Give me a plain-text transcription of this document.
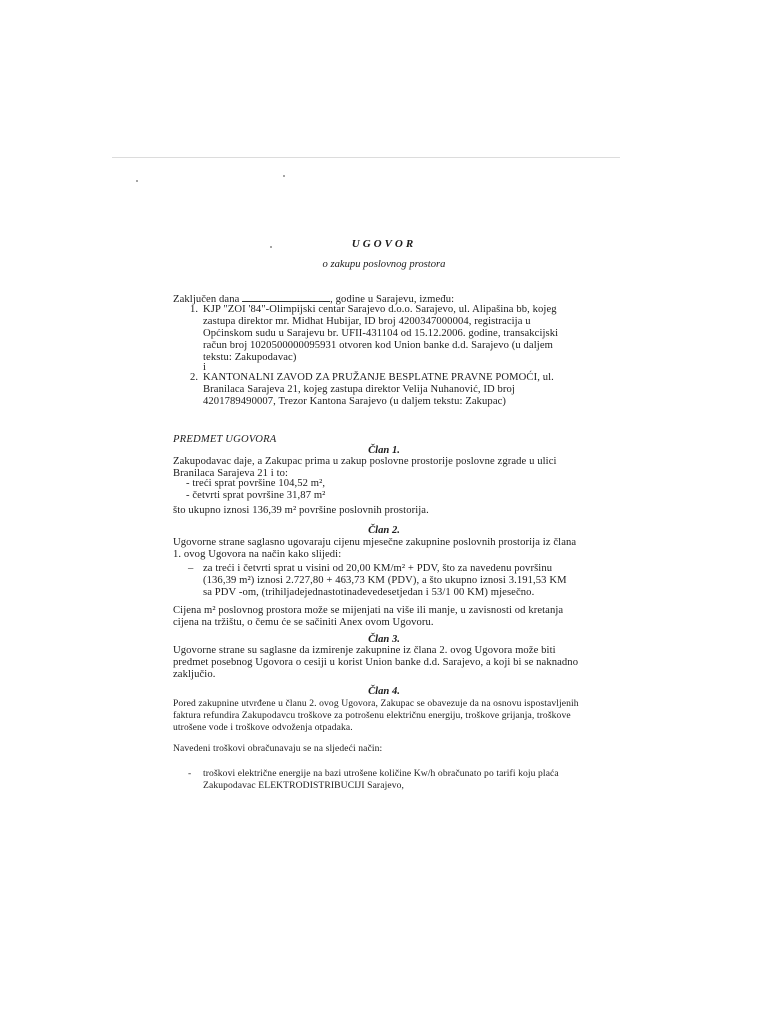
UGOVOR
o zakupu poslovnog prostora
Zaključen dana	, godine u Sarajevu, između:
1. KJP "ZOI '84"-Olimpijski centar Sarajevo d.o.o. Sarajevo, ul. Alipašina bb, kojeg
zastupa direktor mr. Midhat Hubijar, ID broj 4200347000004, registracija u
Općinskom sudu u Sarajevu br. UFII-431104 od 15.12.2006. godine, transakcijski
račun broj 1020500000095931 otvoren kod Union banke d.d. Sarajevo (u daljem
tekstu: Zakupodavac)
i
2. KANTONALNI ZAVOD ZA PRUŽANJE BESPLATNE PRAVNE POMOĆI, ul.
Branilaca Sarajeva 21, kojeg zastupa direktor Velija Nuhanović, ID broj
4201789490007, Trezor Kantona Sarajevo (u daljem tekstu: Zakupac)
PREDMET UGOVORA
Član 1.
Zakupodavac daje, a Zakupac prima u zakup poslovne prostorije poslovne zgrade u ulici
Branilaca Sarajeva 21 i to:
- treći sprat površine 104,52 m²,
- četvrti sprat površine 31,87 m²
što ukupno iznosi 136,39 m² površine poslovnih prostorija.
Član 2.
Ugovorne strane saglasno ugovaraju cijenu mjesečne zakupnine poslovnih prostorija iz člana
1. ovog Ugovora na način kako slijedi:
– za treći i četvrti sprat u visini od 20,00 KM/m² + PDV, što za navedenu površinu
(136,39 m²) iznosi 2.727,80 + 463,73 KM (PDV), a što ukupno iznosi 3.191,53 KM
sa PDV -om, (trihiljadejednastotinadevedesetjedan i 53/1 00 KM) mjesečno.
Cijena m² poslovnog prostora može se mijenjati na više ili manje, u zavisnosti od kretanja
cijena na tržištu, o čemu će se sačiniti Anex ovom Ugovoru.
Član 3.
Ugovorne strane su saglasne da izmirenje zakupnine iz člana 2. ovog Ugovora može biti
predmet posebnog Ugovora o cesiji u korist Union banke d.d. Sarajevo, a koji bi se naknadno
zaključio.
Član 4.
Pored zakupnine utvrđene u članu 2. ovog Ugovora, Zakupac se obavezuje da na osnovu ispostavljenih
faktura refundira Zakupodavcu troškove za potrošenu električnu energiju, troškove grijanja, troškove
utrošene vode i troškove odvoženja otpadaka.
Navedeni troškovi obračunavaju se na sljedeći način:
- troškovi električne energije na bazi utrošene količine Kw/h obračunato po tarifi koju plaća
Zakupodavac ELEKTRODISTRIBUCIJI Sarajevo,
